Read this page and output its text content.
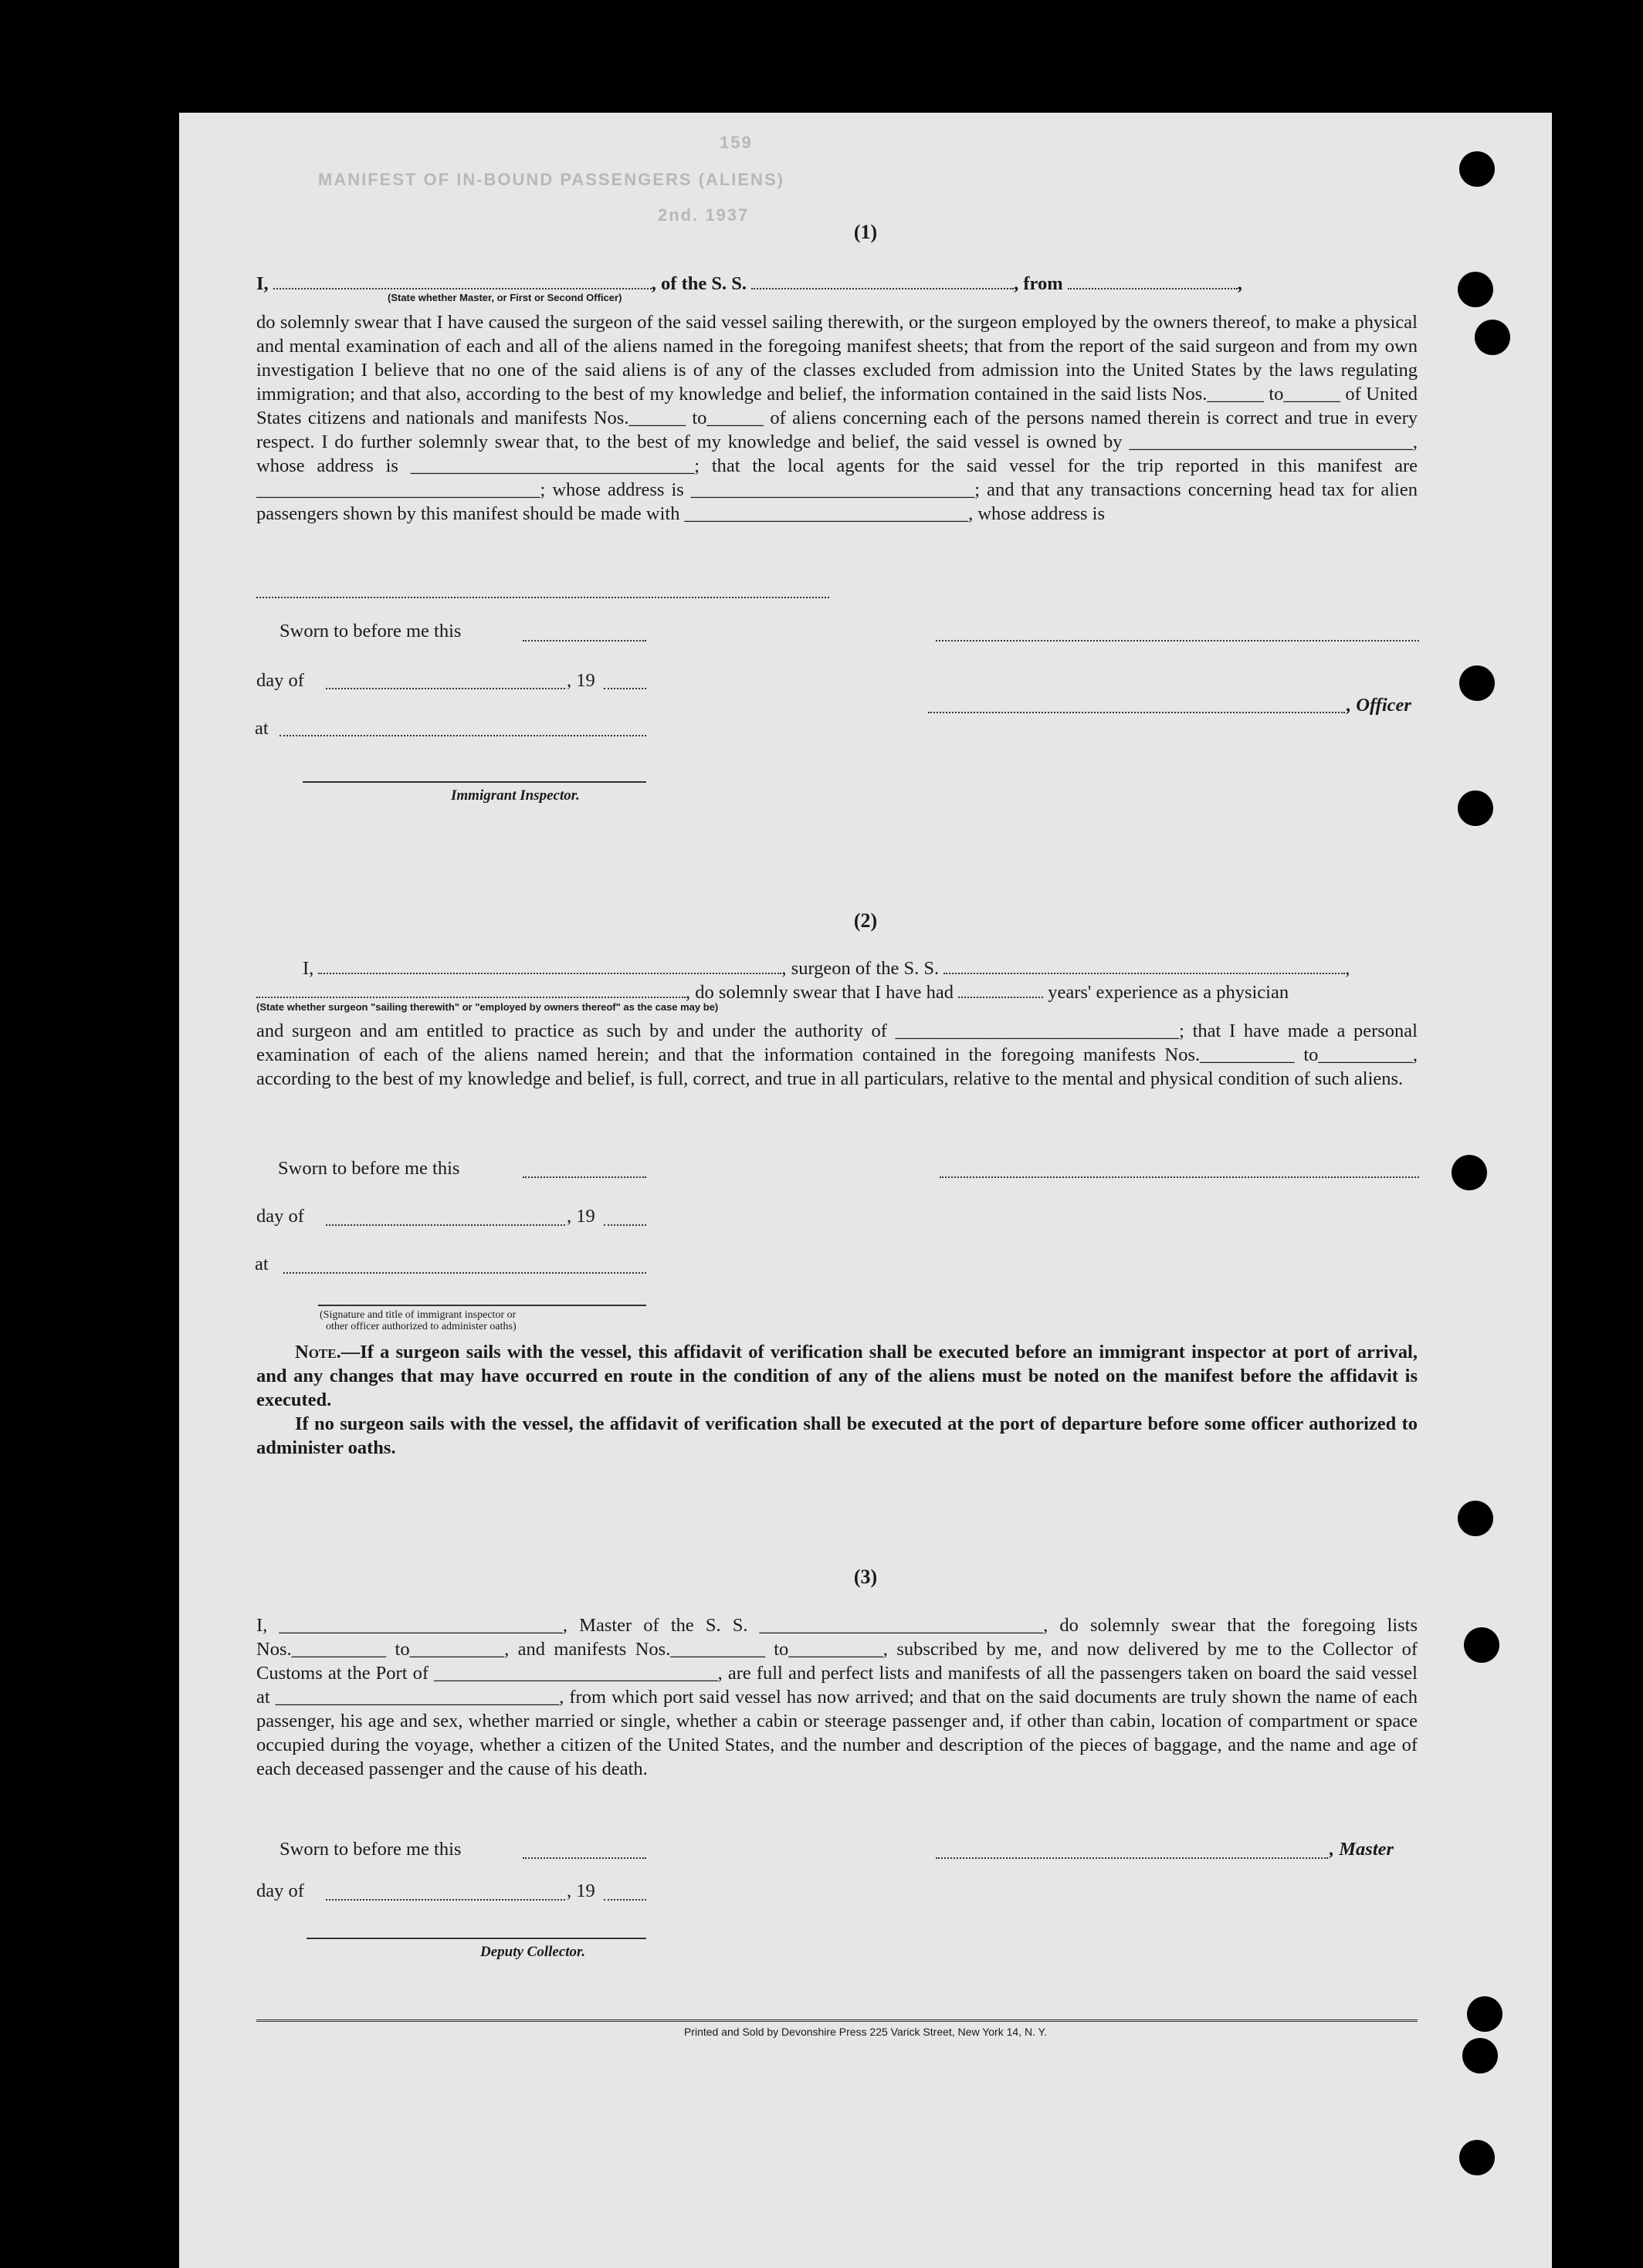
159
MANIFEST OF IN-BOUND PASSENGERS (ALIENS)
2nd. 1937
(1)
I,	, of the S. S.	, from	,
(State whether Master, or First or Second Officer)
do solemnly swear that I have caused the surgeon of the said vessel sailing therewith, or the surgeon employed by the owners thereof, to make a physical and mental examination of each and all of the aliens named in the foregoing manifest sheets; that from the report of the said surgeon and from my own investigation I believe that no one of the said aliens is of any of the classes excluded from admission into the United States by the laws regulating immigration; and that also, according to the best of my knowledge and belief, the information contained in the said lists Nos.______ to______ of United States citizens and nationals and manifests Nos.______ to______ of aliens concerning each of the persons named therein is correct and true in every respect. I do further solemnly swear that, to the best of my knowledge and belief, the said vessel is owned by ______________________________, whose address is ______________________________; that the local agents for the said vessel for the trip reported in this manifest are ______________________________; whose address is ______________________________; and that any transactions concerning head tax for alien passengers shown by this manifest should be made with ______________________________, whose address is
Sworn to before me this
day of	, 19
, Officer
at
Immigrant Inspector.
(2)
I,	, surgeon of the S. S.	,
, do solemnly swear that I have had	years' experience as a physician
(State whether surgeon "sailing therewith" or "employed by owners thereof" as the case may be)
and surgeon and am entitled to practice as such by and under the authority of ______________________________; that I have made a personal examination of each of the aliens named herein; and that the information contained in the foregoing manifests Nos.__________ to__________, according to the best of my knowledge and belief, is full, correct, and true in all particulars, relative to the mental and physical condition of such aliens.
Sworn to before me this
day of	, 19
at
(Signature and title of immigrant inspector or
other officer authorized to administer oaths)
Note.—If a surgeon sails with the vessel, this affidavit of verification shall be executed before an immigrant inspector at port of arrival, and any changes that may have occurred en route in the condition of any of the aliens must be noted on the manifest before the affidavit is executed.
If no surgeon sails with the vessel, the affidavit of verification shall be executed at the port of departure before some officer authorized to administer oaths.
(3)
I, ______________________________, Master of the S. S. ______________________________, do solemnly swear that the foregoing lists Nos.__________ to__________, and manifests Nos.__________ to__________, subscribed by me, and now delivered by me to the Collector of Customs at the Port of ______________________________, are full and perfect lists and manifests of all the passengers taken on board the said vessel at ______________________________, from which port said vessel has now arrived; and that on the said documents are truly shown the name of each passenger, his age and sex, whether married or single, whether a cabin or steerage passenger and, if other than cabin, location of compartment or space occupied during the voyage, whether a citizen of the United States, and the number and description of the pieces of baggage, and the name and age of each deceased passenger and the cause of his death.
Sworn to before me this	, Master
day of	, 19
Deputy Collector.
Printed and Sold by Devonshire Press 225 Varick Street, New York 14, N. Y.
